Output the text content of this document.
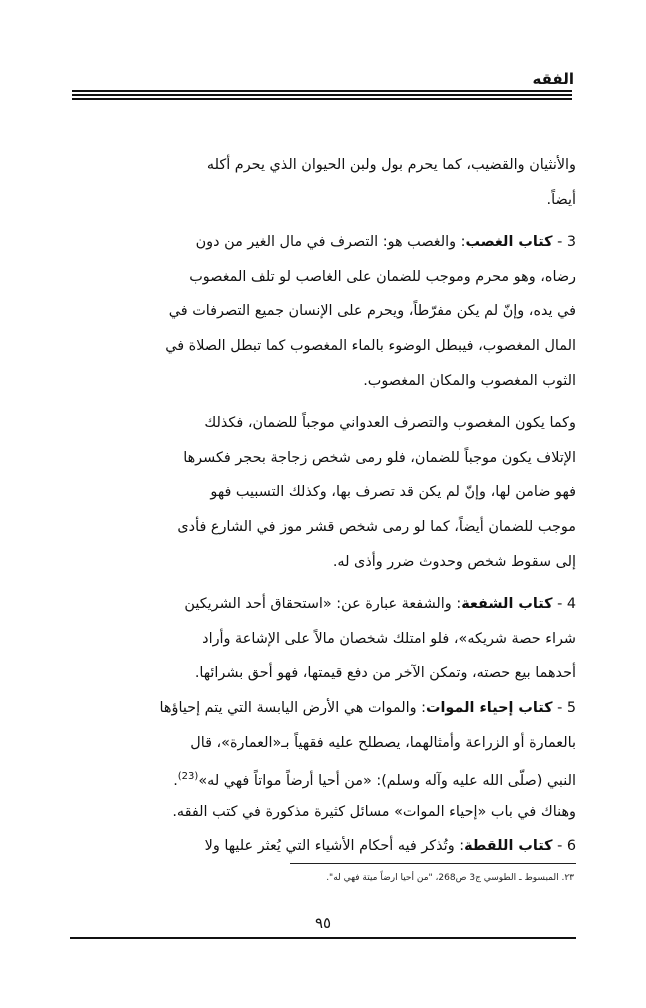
الفقه
والأنثيان والقضيب، كما يحرم بول ولبن الحيوان الذي يحرم أكله
أيضاً.
3 - كتاب الغصب: والغصب هو: التصرف في مال الغير من دون
رضاه، وهو محرم وموجب للضمان على الغاصب لو تلف المغصوب
في يده، وإنّ لم يكن مفرّطاً، ويحرم على الإنسان جميع التصرفات في
المال المغصوب، فيبطل الوضوء بالماء المغصوب كما تبطل الصلاة في
الثوب المغصوب والمكان المغصوب.
وكما يكون المغصوب والتصرف العدواني موجباً للضمان، فكذلك
الإتلاف يكون موجباً للضمان، فلو رمى شخص زجاجة بحجر فكسرها
فهو ضامن لها، وإنّ لم يكن قد تصرف بها، وكذلك التسبيب فهو
موجب للضمان أيضاً، كما لو رمى شخص قشر موز في الشارع فأدى
إلى سقوط شخص وحدوث ضرر وأذى له.
4 - كتاب الشفعة: والشفعة عبارة عن: «استحقاق أحد الشريكين
شراء حصة شريكه»، فلو امتلك شخصان مالاً على الإشاعة وأراد
أحدهما بيع حصته، وتمكن الآخر من دفع قيمتها، فهو أحق بشرائها.
5 - كتاب إحياء الموات: والموات هي الأرض اليابسة التي يتم إحياؤها
بالعمارة أو الزراعة وأمثالهما، يصطلح عليه فقهياً بـ«العمارة»، قال
النبي (صلّى الله عليه وآله وسلم): «من أحيا أرضاً مواتاً فهي له»$^{(23)}$.
وهناك في باب «إحياء الموات» مسائل كثيرة مذكورة في كتب الفقه.
6 - كتاب اللقطة: وتُذكر فيه أحكام الأشياء التي يُعثر عليها ولا
٢٣. المبسوط ـ الطوسي ج3 ص268، "من أحيا ارضاً ميتة فهي له".
٩٥
